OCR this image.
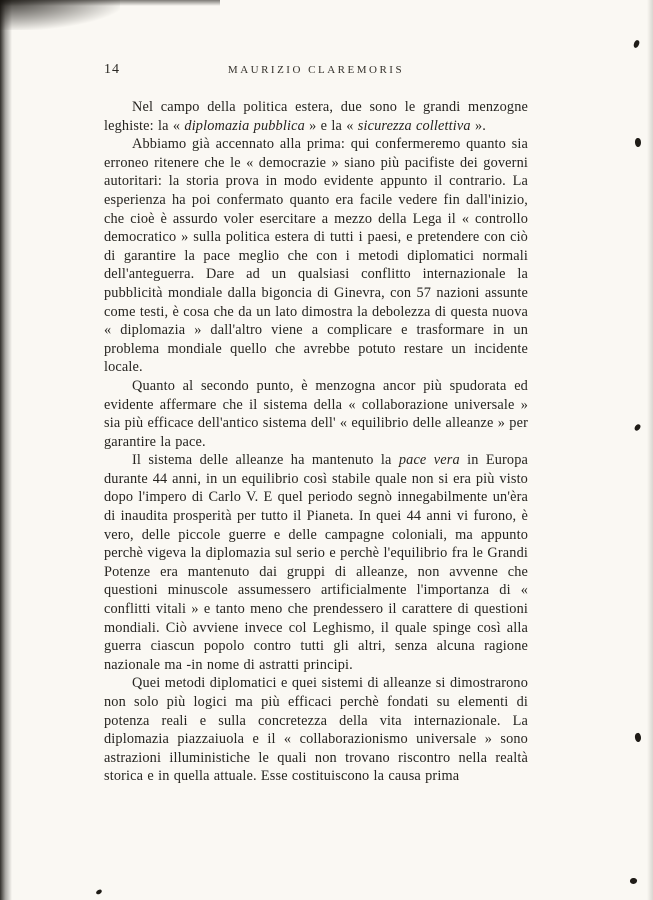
14	MAURIZIO CLAREMORIS

Nel campo della politica estera, due sono le grandi menzogne leghiste: la « diplomazia pubblica » e la « sicurezza collettiva ».

Abbiamo già accennato alla prima: qui confermeremo quanto sia erroneo ritenere che le « democrazie » siano più pacifiste dei governi autoritari: la storia prova in modo evidente appunto il contrario. La esperienza ha poi confermato quanto era facile vedere fin dall'inizio, che cioè è assurdo voler esercitare a mezzo della Lega il « controllo democratico » sulla politica estera di tutti i paesi, e pretendere con ciò di garantire la pace meglio che con i metodi diplomatici normali dell'anteguerra. Dare ad un qualsiasi conflitto internazionale la pubblicità mondiale dalla bigoncia di Ginevra, con 57 nazioni assunte come testi, è cosa che da un lato dimostra la debolezza di questa nuova « diplomazia » dall'altro viene a complicare e trasformare in un problema mondiale quello che avrebbe potuto restare un incidente locale.

Quanto al secondo punto, è menzogna ancor più spudorata ed evidente affermare che il sistema della « collaborazione universale » sia più efficace dell'antico sistema dell' « equilibrio delle alleanze » per garantire la pace.

Il sistema delle alleanze ha mantenuto la pace vera in Europa durante 44 anni, in un equilibrio così stabile quale non si era più visto dopo l'impero di Carlo V. E quel periodo segnò innegabilmente un'èra di inaudita prosperità per tutto il Pianeta. In quei 44 anni vi furono, è vero, delle piccole guerre e delle campagne coloniali, ma appunto perchè vigeva la diplomazia sul serio e perchè l'equilibrio fra le Grandi Potenze era mantenuto dai gruppi di alleanze, non avvenne che questioni minuscole assumessero artificialmente l'importanza di « conflitti vitali » e tanto meno che prendessero il carattere di questioni mondiali. Ciò avviene invece col Leghismo, il quale spinge così alla guerra ciascun popolo contro tutti gli altri, senza alcuna ragione nazionale ma -in nome di astratti principi.

Quei metodi diplomatici e quei sistemi di alleanze si dimostrarono non solo più logici ma più efficaci perchè fondati su elementi di potenza reali e sulla concretezza della vita internazionale. La diplomazia piazzaiuola e il « collaborazionismo universale » sono astrazioni illuministiche le quali non trovano riscontro nella realtà storica e in quella attuale. Esse costituiscono la causa prima
